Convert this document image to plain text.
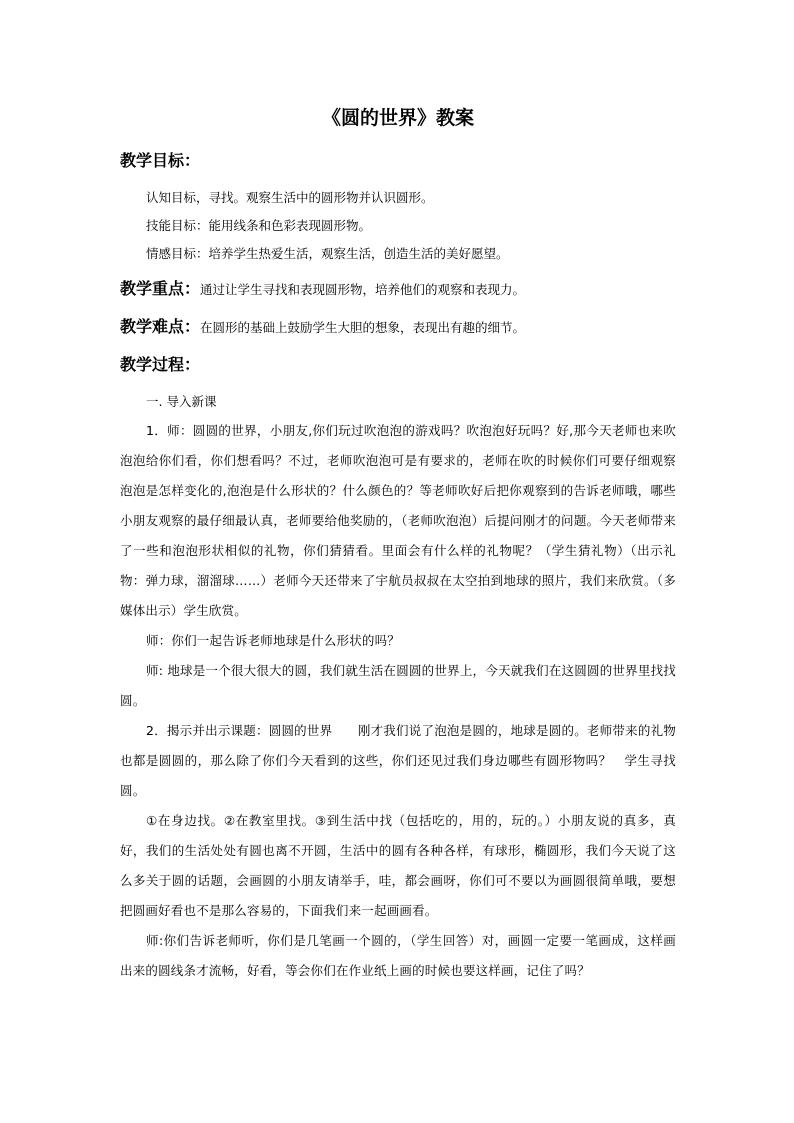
《圆的世界》教案
教学目标：
认知目标，寻找。观察生活中的圆形物并认识圆形。
技能目标：能用线条和色彩表现圆形物。
情感目标：培养学生热爱生活，观察生活，创造生活的美好愿望。
教学重点：通过让学生寻找和表现圆形物，培养他们的观察和表现力。
教学难点：在圆形的基础上鼓励学生大胆的想象，表现出有趣的细节。
教学过程：
一. 导入新课

1．师：圆圆的世界，小朋友,你们玩过吹泡泡的游戏吗？吹泡泡好玩吗？好,那今天老师也来吹泡泡给你们看，你们想看吗？不过，老师吹泡泡可是有要求的，老师在吹的时候你们可要仔细观察泡泡是怎样变化的,泡泡是什么形状的？什么颜色的？等老师吹好后把你观察到的告诉老师哦，哪些小朋友观察的最仔细最认真，老师要给他奖励的，（老师吹泡泡）后提问刚才的问题。今天老师带来了一些和泡泡形状相似的礼物，你们猜猜看。里面会有什么样的礼物呢？（学生猜礼物）（出示礼物：弹力球，溜溜球……）老师今天还带来了宇航员叔叔在太空拍到地球的照片，我们来欣赏。（多媒体出示）学生欣赏。

师：你们一起告诉老师地球是什么形状的吗？

师: 地球是一个很大很大的圆，我们就生活在圆圆的世界上，今天就我们在这圆圆的世界里找找圆。

2．揭示并出示课题：圆圆的世界　　刚才我们说了泡泡是圆的，地球是圆的。老师带来的礼物也都是圆圆的，那么除了你们今天看到的这些，你们还见过我们身边哪些有圆形物吗？　学生寻找圆。

①在身边找。②在教室里找。③到生活中找（包括吃的，用的，玩的。）小朋友说的真多，真好，我们的生活处处有圆也离不开圆，生活中的圆有各种各样，有球形，椭圆形，我们今天说了这么多关于圆的话题，会画圆的小朋友请举手，哇，都会画呀，你们可不要以为画圆很简单哦，要想把圆画好看也不是那么容易的，下面我们来一起画画看。

师:你们告诉老师听，你们是几笔画一个圆的，（学生回答）对，画圆一定要一笔画成，这样画出来的圆线条才流畅，好看，等会你们在作业纸上画的时候也要这样画，记住了吗？
